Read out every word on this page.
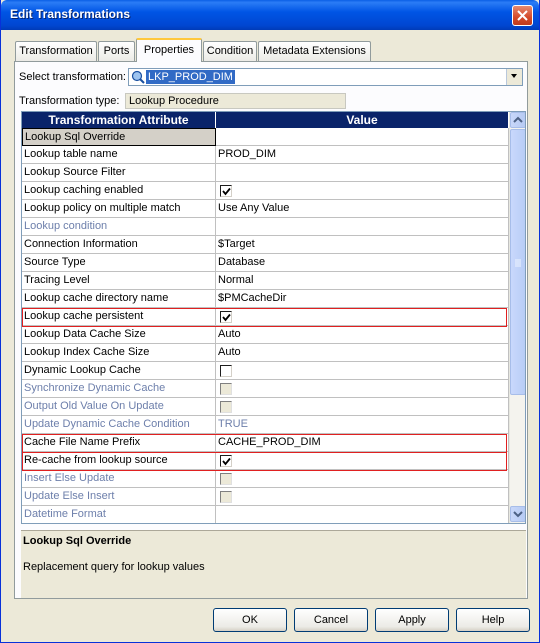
Edit Transformations
Transformation Ports	Properties	Condition Metadata Extensions
Select transformation: LKP_PROD_DIM
Transformation type: Lookup Procedure
Transformation Attribute	Value
Lookup Sql Override
Lookup table name	PROD_DIM
Lookup Source Filter
Lookup caching enabled
Lookup policy on multiple match	Use Any Value
Lookup condition
Connection Information	$Target
Source Type	Database
Tracing Level	Normal
Lookup cache directory name	$PMCacheDir
Lookup cache persistent
Lookup Data Cache Size	Auto
Lookup Index Cache Size	Auto
Dynamic Lookup Cache
Synchronize Dynamic Cache
Output Old Value On Update
Update Dynamic Cache Condition	TRUE
Cache File Name Prefix	CACHE_PROD_DIM
Re-cache from lookup source
Insert Else Update
Update Else Insert
Datetime Format
Lookup Sql Override
Replacement query for lookup values
OK	Cancel	Apply	Help
